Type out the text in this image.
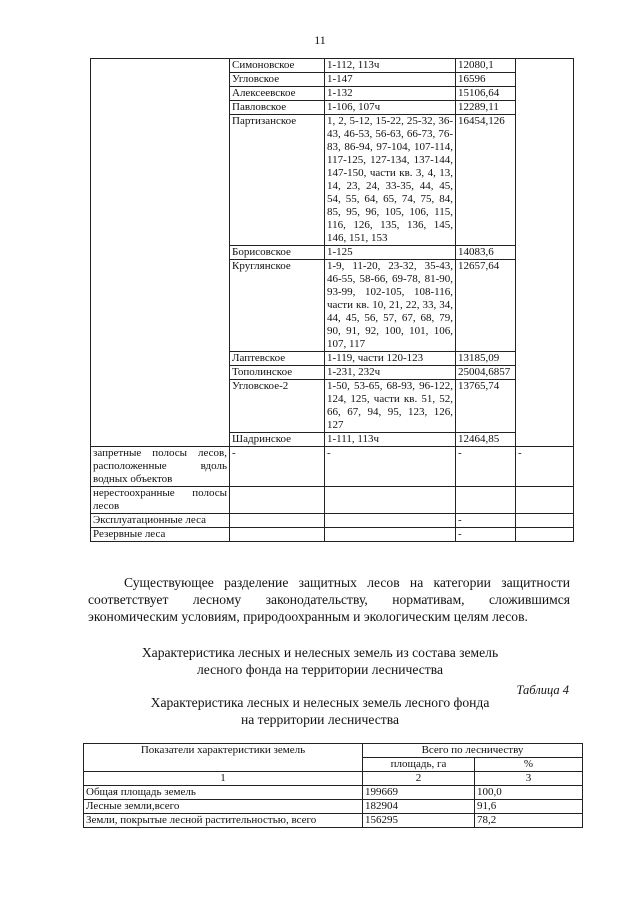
11
	Симоновское	1-112, 113ч	12080,1	
	Угловское	1-147	16596	
	Алексеевское	1-132	15106,64	
	Павловское	1-106, 107ч	12289,11	
	Партизанское	1, 2, 5-12, 15-22, 25-32, 36-43, 46-53, 56-63, 66-73, 76-83, 86-94, 97-104, 107-114, 117-125, 127-134, 137-144, 147-150, части кв. 3, 4, 13, 14, 23, 24, 33-35, 44, 45, 54, 55, 64, 65, 74, 75, 84, 85, 95, 96, 105, 106, 115, 116, 126, 135, 136, 145, 146, 151, 153	16454,126	
	Борисовское	1-125	14083,6	
	Круглянское	1-9, 11-20, 23-32, 35-43, 46-55, 58-66, 69-78, 81-90, 93-99, 102-105, 108-116, части кв. 10, 21, 22, 33, 34, 44, 45, 56, 57, 67, 68, 79, 90, 91, 92, 100, 101, 106, 107, 117	12657,64	
	Лаптевское	1-119, части 120-123	13185,09	
	Тополинское	1-231, 232ч	25004,6857	
	Угловское-2	1-50, 53-65, 68-93, 96-122, 124, 125, части кв. 51, 52, 66, 67, 94, 95, 123, 126, 127	13765,74	
	Шадринское	1-111, 113ч	12464,85	
запретные полосы лесов, расположенные вдоль водных объектов	-	-	-	-
нерестоохранные полосы лесов				
Эксплуатационные леса			-	
Резервные леса			-	

Существующее разделение защитных лесов на категории защитности соответствует лесному законодательству, нормативам, сложившимся экономическим условиям, природоохранным и экологическим целям лесов.

Характеристика лесных и нелесных земель из состава земель
лесного фонда на территории лесничества
Таблица 4
Характеристика лесных и нелесных земель лесного фонда
на территории лесничества
Показатели характеристики земель	Всего по лесничеству	
	площадь, га	%
1	2	3
Общая площадь земель	199669	100,0
Лесные земли,всего	182904	91,6
Земли, покрытые лесной растительностью, всего	156295	78,2
